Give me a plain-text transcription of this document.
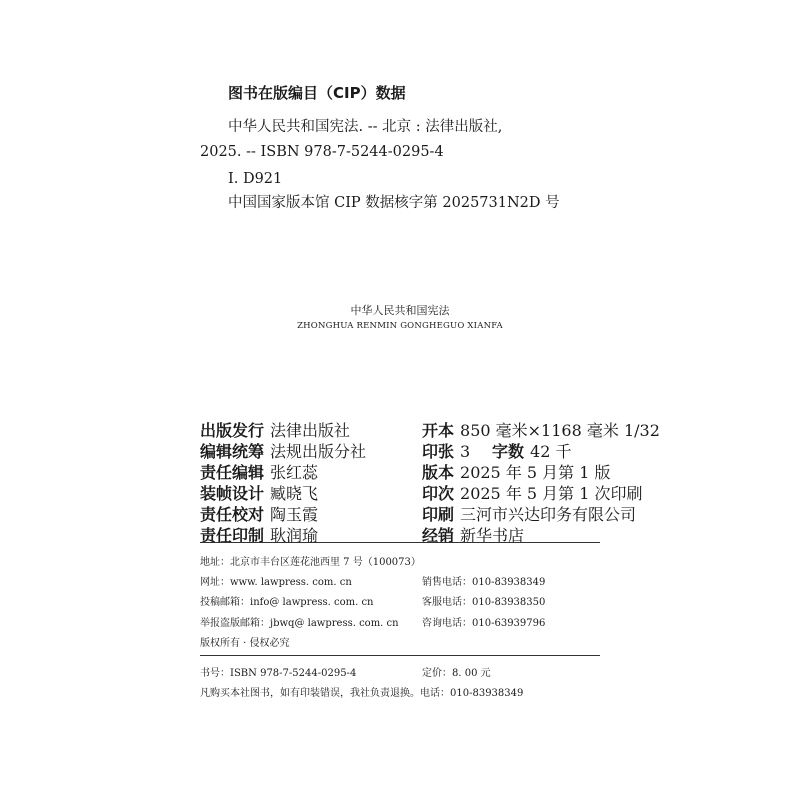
图书在版编目（CIP）数据
中华人民共和国宪法. -- 北京 : 法律出版社,
2025. -- ISBN 978-7-5244-0295-4
Ⅰ. D921
中国国家版本馆 CIP 数据核字第 2025731N2D 号
中华人民共和国宪法
ZHONGHUA RENMIN GONGHEGUO XIANFA
出版发行 法律出版社
编辑统筹 法规出版分社
责任编辑 张红蕊
装帧设计 臧晓飞
责任校对 陶玉霞
责任印制 耿润瑜
开本 850 毫米×1168 毫米 1/32
印张 3 字数 42 千
版本 2025 年 5 月第 1 版
印次 2025 年 5 月第 1 次印刷
印刷 三河市兴达印务有限公司
经销 新华书店
地址：北京市丰台区莲花池西里 7 号（100073）
网址：www. lawpress. com. cn
投稿邮箱：info@ lawpress. com. cn
举报盗版邮箱：jbwq@ lawpress. com. cn
版权所有 · 侵权必究
销售电话：010-83938349
客服电话：010-83938350
咨询电话：010-63939796
书号：ISBN 978-7-5244-0295-4	定价：8. 00 元
凡购买本社图书，如有印装错误，我社负责退换。电话：010-83938349
